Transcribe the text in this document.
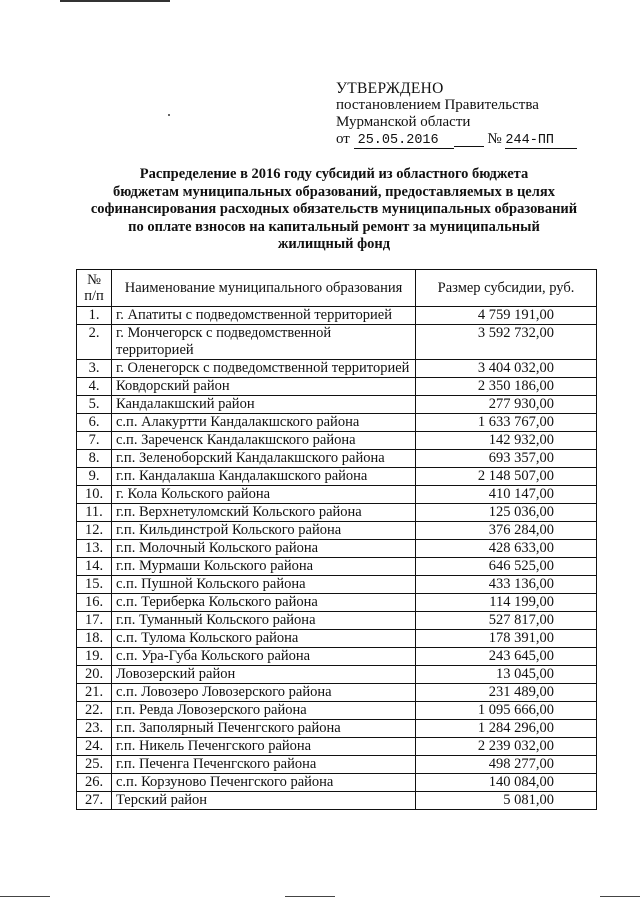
УТВЕРЖДЕНО
постановлением Правительства
Мурманской области
от 25.05.2016	№ 244-ПП
Распределение в 2016 году субсидий из областного бюджета
бюджетам муниципальных образований, предоставляемых в целях
софинансирования расходных обязательств муниципальных образований
по оплате взносов на капитальный ремонт за муниципальный
жилищный фонд
№
п/п	Наименование муниципального образования	Размер субсидии, руб.
1.	г. Апатиты с подведомственной территорией	4 759 191,00
2.	г. Мончегорск с подведомственной территорией	3 592 732,00
3.	г. Оленегорск с подведомственной территорией	3 404 032,00
4.	Ковдорский район	2 350 186,00
5.	Кандалакшский район	277 930,00
6.	с.п. Алакуртти Кандалакшского района	1 633 767,00
7.	с.п. Зареченск Кандалакшского района	142 932,00
8.	г.п. Зеленоборский Кандалакшского района	693 357,00
9.	г.п. Кандалакша Кандалакшского района	2 148 507,00
10.	г. Кола Кольского района	410 147,00
11.	г.п. Верхнетуломский Кольского района	125 036,00
12.	г.п. Кильдинстрой Кольского района	376 284,00
13.	г.п. Молочный Кольского района	428 633,00
14.	г.п. Мурмаши Кольского района	646 525,00
15.	с.п. Пушной Кольского района	433 136,00
16.	с.п. Териберка Кольского района	114 199,00
17.	г.п. Туманный Кольского района	527 817,00
18.	с.п. Тулома Кольского района	178 391,00
19.	с.п. Ура-Губа Кольского района	243 645,00
20.	Ловозерский район	13 045,00
21.	с.п. Ловозеро Ловозерского района	231 489,00
22.	г.п. Ревда Ловозерского района	1 095 666,00
23.	г.п. Заполярный Печенгского района	1 284 296,00
24.	г.п. Никель Печенгского района	2 239 032,00
25.	г.п. Печенга Печенгского района	498 277,00
26.	с.п. Корзуново Печенгского района	140 084,00
27.	Терский район	5 081,00
